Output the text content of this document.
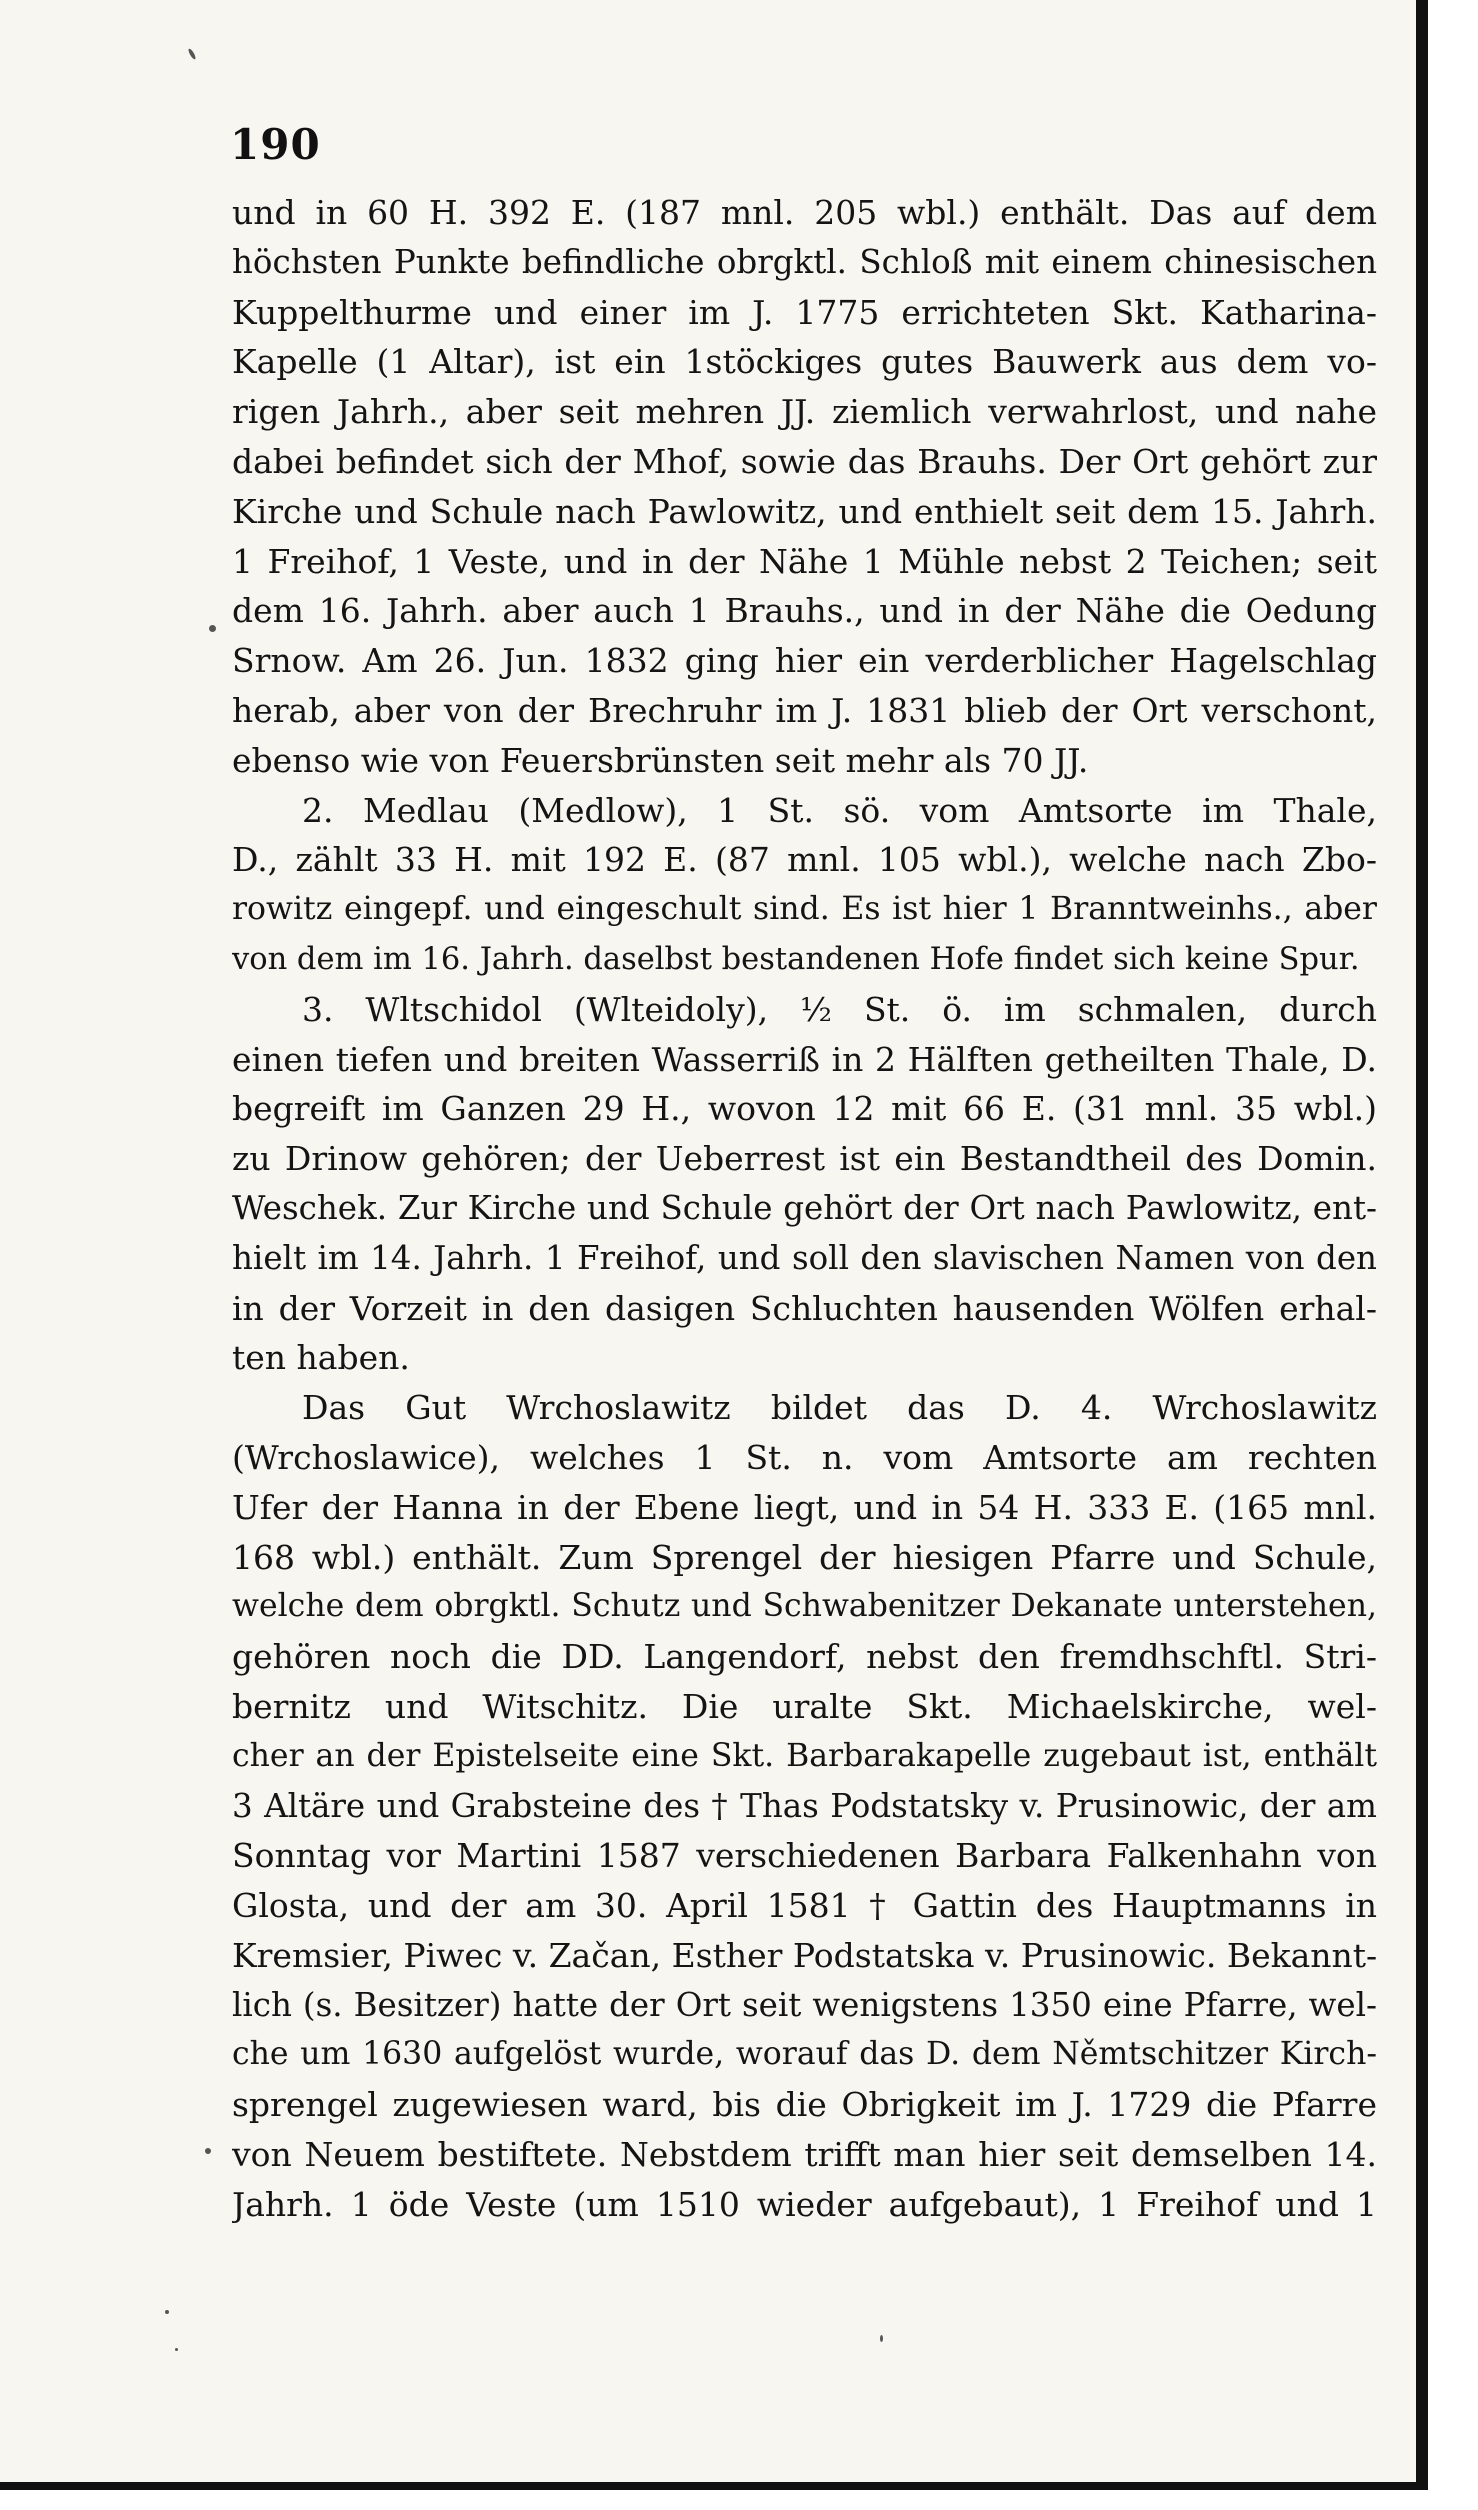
190
und in 60 H. 392 E. (187 mnl. 205 wbl.) enthält. Das auf dem
höchsten Punkte befindliche obrgktl. Schloß mit einem chinesischen
Kuppelthurme und einer im J. 1775 errichteten Skt. Katharina-
Kapelle (1 Altar), ist ein 1stöckiges gutes Bauwerk aus dem vo-
rigen Jahrh., aber seit mehren JJ. ziemlich verwahrlost, und nahe
dabei befindet sich der Mhof, sowie das Brauhs. Der Ort gehört zur
Kirche und Schule nach Pawlowitz, und enthielt seit dem 15. Jahrh.
1 Freihof, 1 Veste, und in der Nähe 1 Mühle nebst 2 Teichen; seit
dem 16. Jahrh. aber auch 1 Brauhs., und in der Nähe die Oedung
Srnow. Am 26. Jun. 1832 ging hier ein verderblicher Hagelschlag
herab, aber von der Brechruhr im J. 1831 blieb der Ort verschont,
ebenso wie von Feuersbrünsten seit mehr als 70 JJ.
2. Medlau (Medlow), 1 St. sö. vom Amtsorte im Thale,
D., zählt 33 H. mit 192 E. (87 mnl. 105 wbl.), welche nach Zbo-
rowitz eingepf. und eingeschult sind. Es ist hier 1 Branntweinhs., aber
von dem im 16. Jahrh. daselbst bestandenen Hofe findet sich keine Spur.
3. Wltschidol (Wlteidoly), ½ St. ö. im schmalen, durch
einen tiefen und breiten Wasserriß in 2 Hälften getheilten Thale, D.
begreift im Ganzen 29 H., wovon 12 mit 66 E. (31 mnl. 35 wbl.)
zu Drinow gehören; der Ueberrest ist ein Bestandtheil des Domin.
Weschek. Zur Kirche und Schule gehört der Ort nach Pawlowitz, ent-
hielt im 14. Jahrh. 1 Freihof, und soll den slavischen Namen von den
in der Vorzeit in den dasigen Schluchten hausenden Wölfen erhal-
ten haben.
Das Gut Wrchoslawitz bildet das D. 4. Wrchoslawitz
(Wrchoslawice), welches 1 St. n. vom Amtsorte am rechten
Ufer der Hanna in der Ebene liegt, und in 54 H. 333 E. (165 mnl.
168 wbl.) enthält. Zum Sprengel der hiesigen Pfarre und Schule,
welche dem obrgktl. Schutz und Schwabenitzer Dekanate unterstehen,
gehören noch die DD. Langendorf, nebst den fremdhschftl. Stri-
bernitz und Witschitz. Die uralte Skt. Michaelskirche, wel-
cher an der Epistelseite eine Skt. Barbarakapelle zugebaut ist, enthält
3 Altäre und Grabsteine des † Thas Podstatsky v. Prusinowic, der am
Sonntag vor Martini 1587 verschiedenen Barbara Falkenhahn von
Glosta, und der am 30. April 1581 † Gattin des Hauptmanns in
Kremsier, Piwec v. Začan, Esther Podstatska v. Prusinowic. Bekannt-
lich (s. Besitzer) hatte der Ort seit wenigstens 1350 eine Pfarre, wel-
che um 1630 aufgelöst wurde, worauf das D. dem Němtschitzer Kirch-
sprengel zugewiesen ward, bis die Obrigkeit im J. 1729 die Pfarre
von Neuem bestiftete. Nebstdem trifft man hier seit demselben 14.
Jahrh. 1 öde Veste (um 1510 wieder aufgebaut), 1 Freihof und 1
